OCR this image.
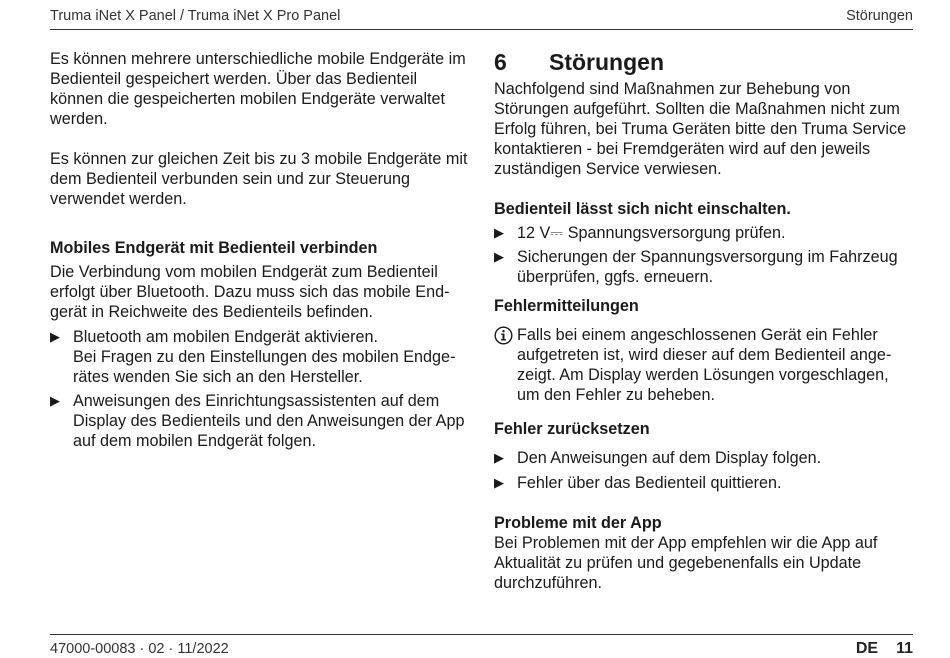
Truma iNet X Panel / Truma iNet X Pro Panel	Störungen

Es können mehrere unterschiedliche mobile Endgeräte im Bedienteil gespeichert werden. Über das Bedienteil können die gespeicherten mobilen Endgeräte verwaltet werden.

Es können zur gleichen Zeit bis zu 3 mobile Endgeräte mit dem Bedienteil verbunden sein und zur Steuerung verwendet werden.

Mobiles Endgerät mit Bedienteil verbinden

Die Verbindung vom mobilen Endgerät zum Bedienteil erfolgt über Bluetooth. Dazu muss sich das mobile Endgerät in Reichweite des Bedienteils befinden.

▶ Bluetooth am mobilen Endgerät aktivieren.
Bei Fragen zu den Einstellungen des mobilen Endgerätes wenden Sie sich an den Hersteller.
▶ Anweisungen des Einrichtungsassistenten auf dem Display des Bedienteils und den Anweisungen der App auf dem mobilen Endgerät folgen.
6	Störungen

Nachfolgend sind Maßnahmen zur Behebung von Störungen aufgeführt. Sollten die Maßnahmen nicht zum Erfolg führen, bei Truma Geräten bitte den Truma Service kontaktieren - bei Fremdgeräten wird auf den jeweils zuständigen Service verwiesen.

Bedienteil lässt sich nicht einschalten.

▶ 12 V⎓ Spannungsversorgung prüfen.
▶ Sicherungen der Spannungsversorgung im Fahrzeug überprüfen, ggfs. erneuern.

Fehlermitteilungen

Falls bei einem angeschlossenen Gerät ein Fehler aufgetreten ist, wird dieser auf dem Bedienteil angezeigt. Am Display werden Lösungen vorgeschlagen, um den Fehler zu beheben.

Fehler zurücksetzen

▶ Den Anweisungen auf dem Display folgen.
▶ Fehler über das Bedienteil quittieren.

Probleme mit der App

Bei Problemen mit der App empfehlen wir die App auf Aktualität zu prüfen und gegebenenfalls ein Update durchzuführen.

47000-00083 · 02 · 11/2022	DE 11
